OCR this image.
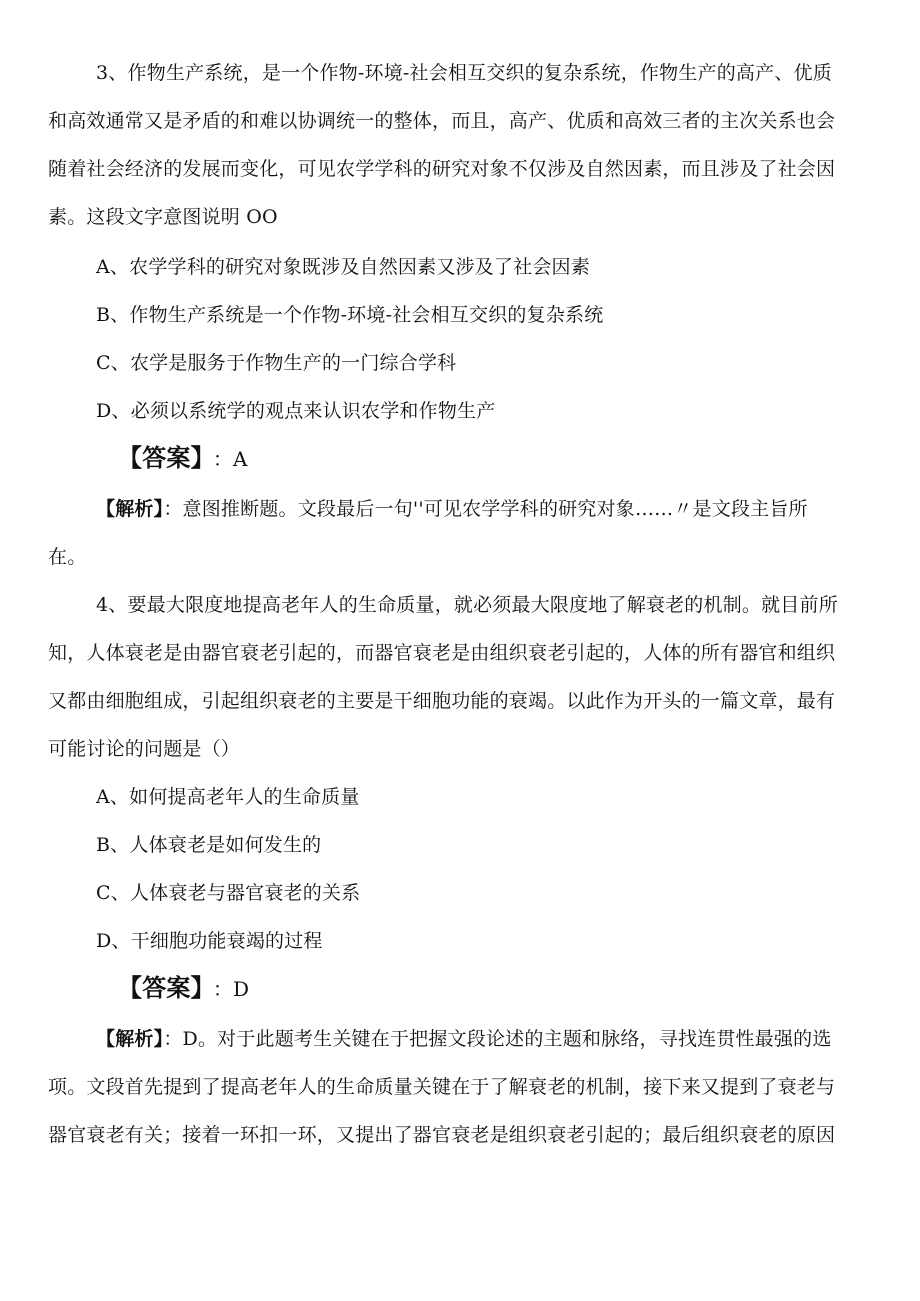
3、作物生产系统，是一个作物-环境-社会相互交织的复杂系统，作物生产的高产、优质
和高效通常又是矛盾的和难以协调统一的整体，而且，高产、优质和高效三者的主次关系也会
随着社会经济的发展而变化，可见农学学科的研究对象不仅涉及自然因素，而且涉及了社会因
素。这段文字意图说明 OO
A、农学学科的研究对象既涉及自然因素又涉及了社会因素
B、作物生产系统是一个作物-环境-社会相互交织的复杂系统
C、农学是服务于作物生产的一门综合学科
D、必须以系统学的观点来认识农学和作物生产
【答案】 ：A
【解析】：意图推断题。文段最后一句''可见农学学科的研究对象……〃是文段主旨所
在。
4、要最大限度地提高老年人的生命质量，就必须最大限度地了解衰老的机制。就目前所
知，人体衰老是由器官衰老引起的，而器官衰老是由组织衰老引起的，人体的所有器官和组织
又都由细胞组成，引起组织衰老的主要是干细胞功能的衰竭。以此作为开头的一篇文章，最有
可能讨论的问题是（）
A、如何提高老年人的生命质量
B、人体衰老是如何发生的
C、人体衰老与器官衰老的关系
D、干细胞功能衰竭的过程
【答案】 ：D
【解析】：D。对于此题考生关键在于把握文段论述的主题和脉络，寻找连贯性最强的选
项。文段首先提到了提高老年人的生命质量关键在于了解衰老的机制，接下来又提到了衰老与
器官衰老有关；接着一环扣一环，又提出了器官衰老是组织衰老引起的；最后组织衰老的原因
